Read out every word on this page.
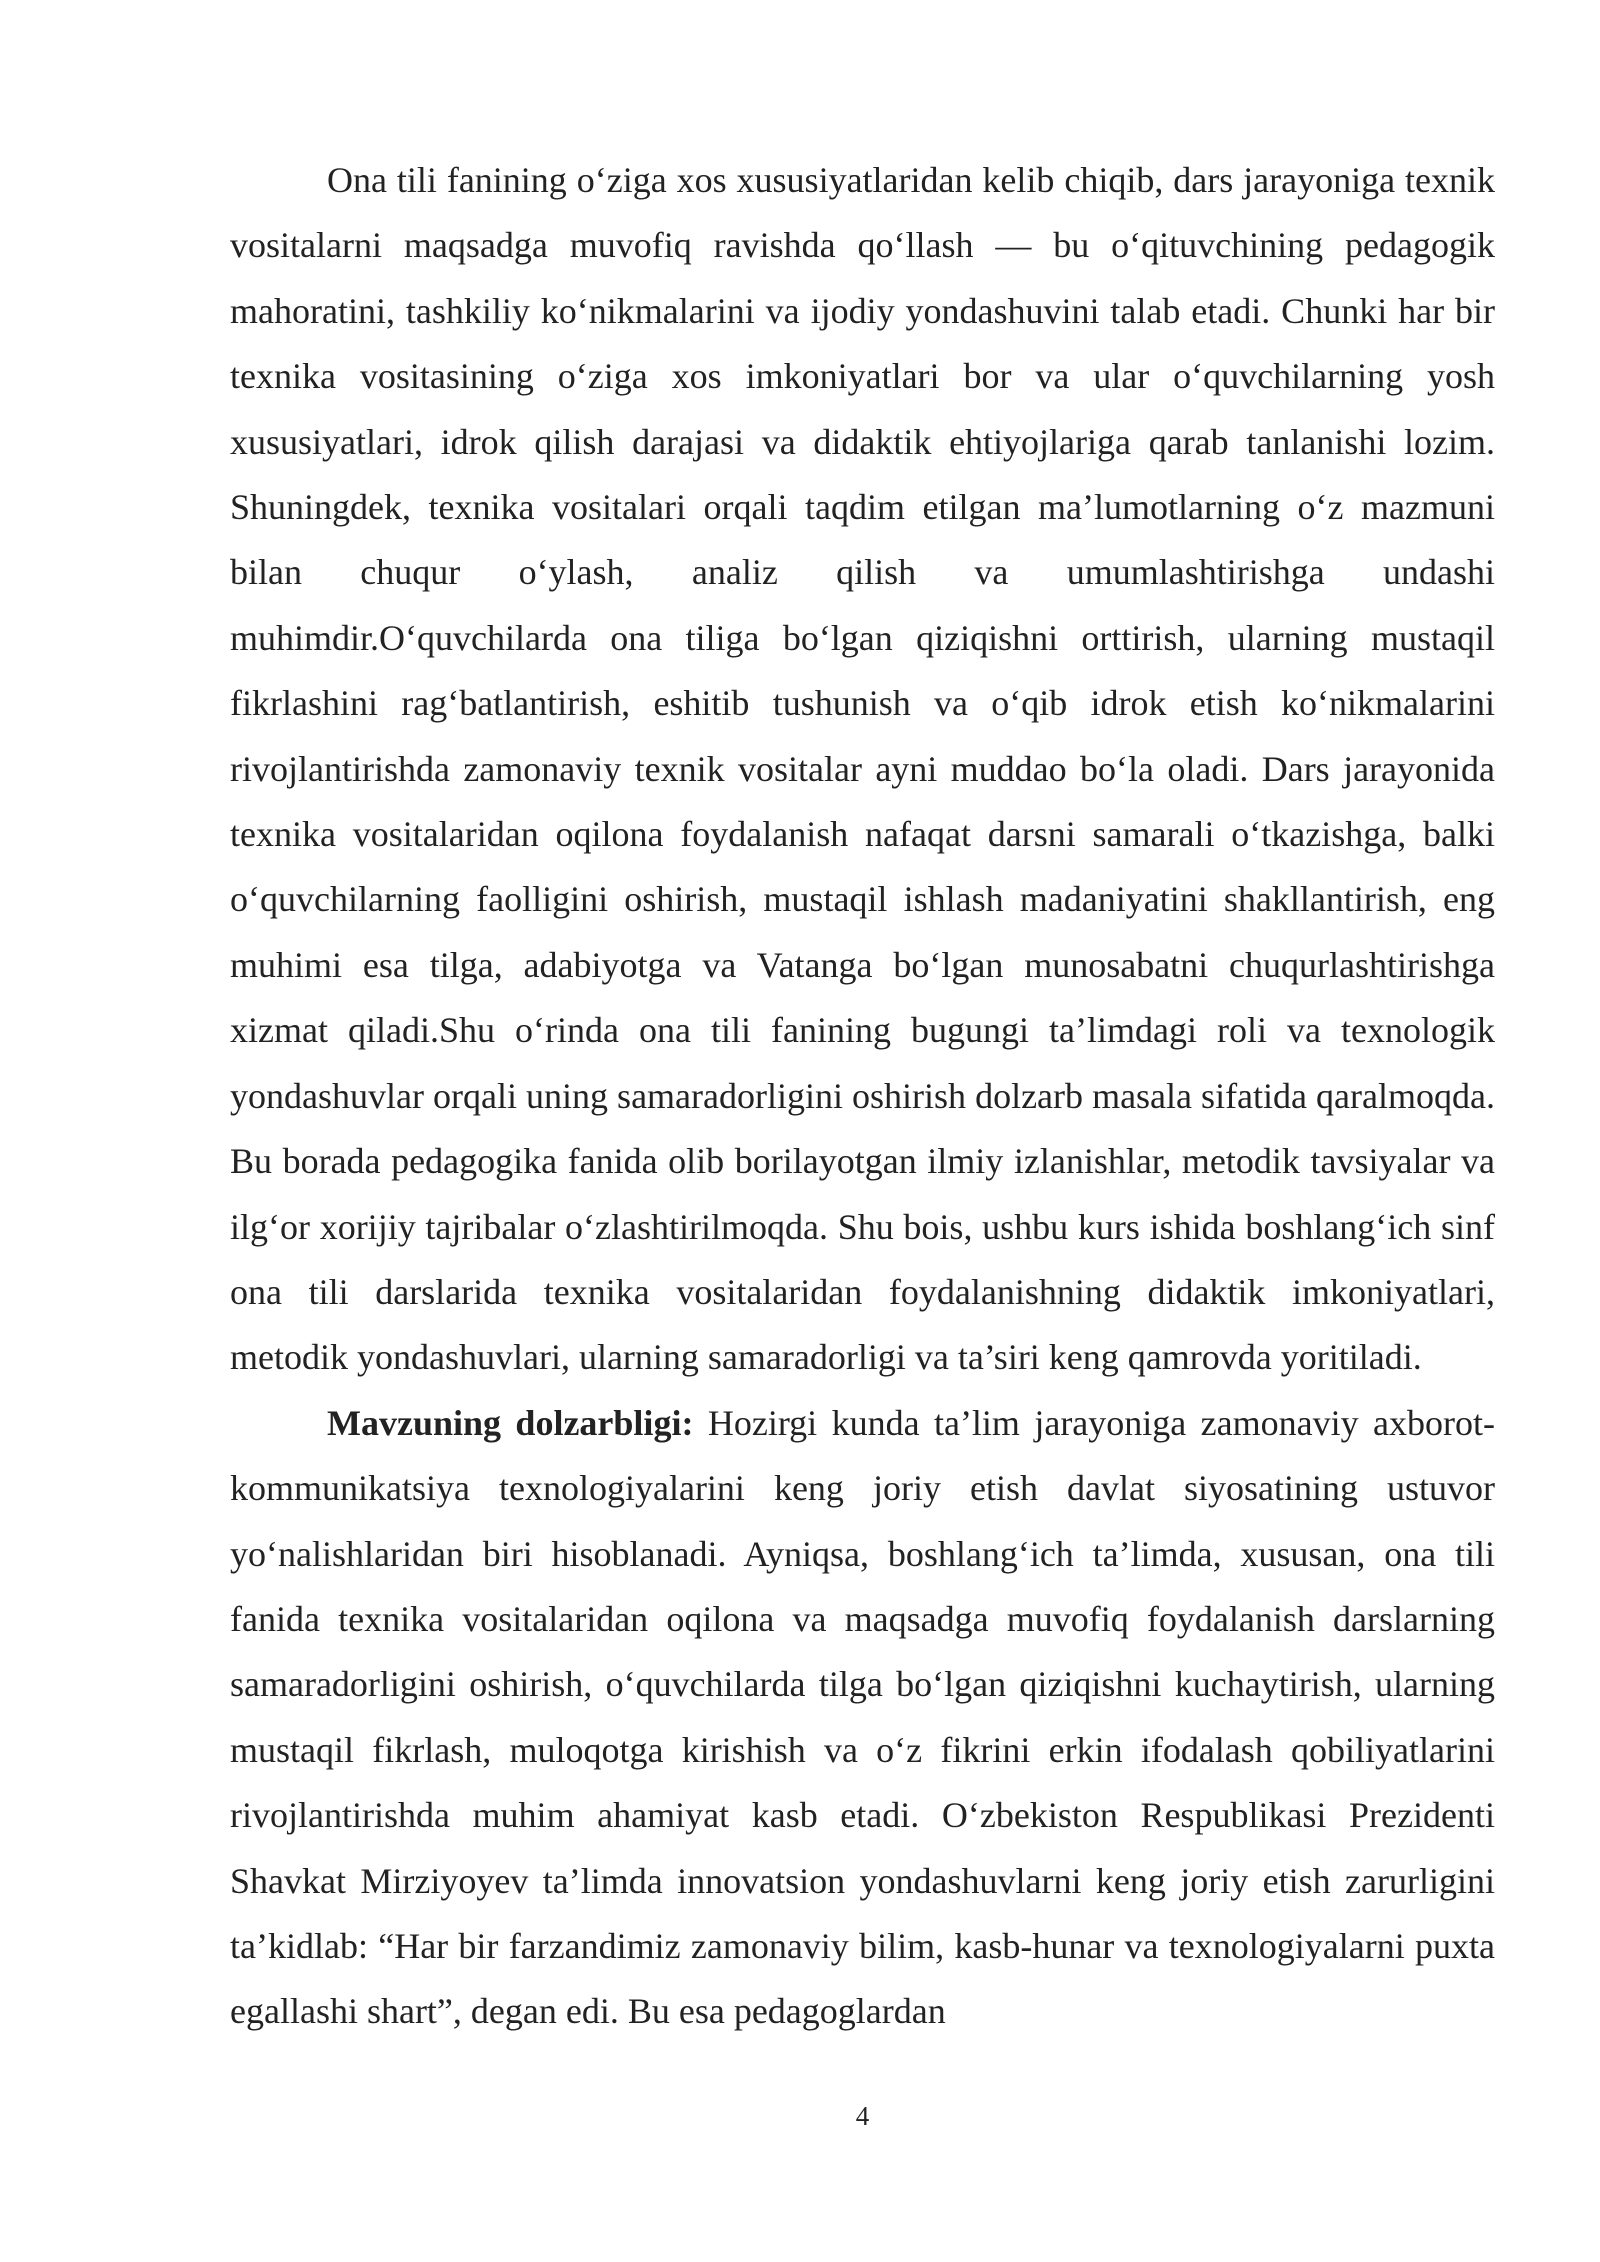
Ona tili fanining o‘ziga xos xususiyatlaridan kelib chiqib, dars jarayoniga texnik vositalarni maqsadga muvofiq ravishda qo‘llash — bu o‘qituvchining pedagogik mahoratini, tashkiliy ko‘nikmalarini va ijodiy yondashuvini talab etadi. Chunki har bir texnika vositasining o‘ziga xos imkoniyatlari bor va ular o‘quvchilarning yosh xususiyatlari, idrok qilish darajasi va didaktik ehtiyojlariga qarab tanlanishi lozim. Shuningdek, texnika vositalari orqali taqdim etilgan ma’lumotlarning o‘z mazmuni bilan chuqur o‘ylash, analiz qilish va umumlashtirishga undashi muhimdir.O‘quvchilarda ona tiliga bo‘lgan qiziqishni orttirish, ularning mustaqil fikrlashini rag‘batlantirish, eshitib tushunish va o‘qib idrok etish ko‘nikmalarini rivojlantirishda zamonaviy texnik vositalar ayni muddao bo‘la oladi. Dars jarayonida texnika vositalaridan oqilona foydalanish nafaqat darsni samarali o‘tkazishga, balki o‘quvchilarning faolligini oshirish, mustaqil ishlash madaniyatini shakllantirish, eng muhimi esa tilga, adabiyotga va Vatanga bo‘lgan munosabatni chuqurlashtirishga xizmat qiladi.Shu o‘rinda ona tili fanining bugungi ta’limdagi roli va texnologik yondashuvlar orqali uning samaradorligini oshirish dolzarb masala sifatida qaralmoqda. Bu borada pedagogika fanida olib borilayotgan ilmiy izlanishlar, metodik tavsiyalar va ilg‘or xorijiy tajribalar o‘zlashtirilmoqda. Shu bois, ushbu kurs ishida boshlang‘ich sinf ona tili darslarida texnika vositalaridan foydalanishning didaktik imkoniyatlari, metodik yondashuvlari, ularning samaradorligi va ta’siri keng qamrovda yoritiladi.

Mavzuning dolzarbligi: Hozirgi kunda ta’lim jarayoniga zamonaviy axborot-kommunikatsiya texnologiyalarini keng joriy etish davlat siyosatining ustuvor yo‘nalishlaridan biri hisoblanadi. Ayniqsa, boshlang‘ich ta’limda, xususan, ona tili fanida texnika vositalaridan oqilona va maqsadga muvofiq foydalanish darslarning samaradorligini oshirish, o‘quvchilarda tilga bo‘lgan qiziqishni kuchaytirish, ularning mustaqil fikrlash, muloqotga kirishish va o‘z fikrini erkin ifodalash qobiliyatlarini rivojlantirishda muhim ahamiyat kasb etadi. O‘zbekiston Respublikasi Prezidenti Shavkat Mirziyoyev ta’limda innovatsion yondashuvlarni keng joriy etish zarurligini ta’kidlab: “Har bir farzandimiz zamonaviy bilim, kasb-hunar va texnologiyalarni puxta egallashi shart”, degan edi. Bu esa pedagoglardan

4
